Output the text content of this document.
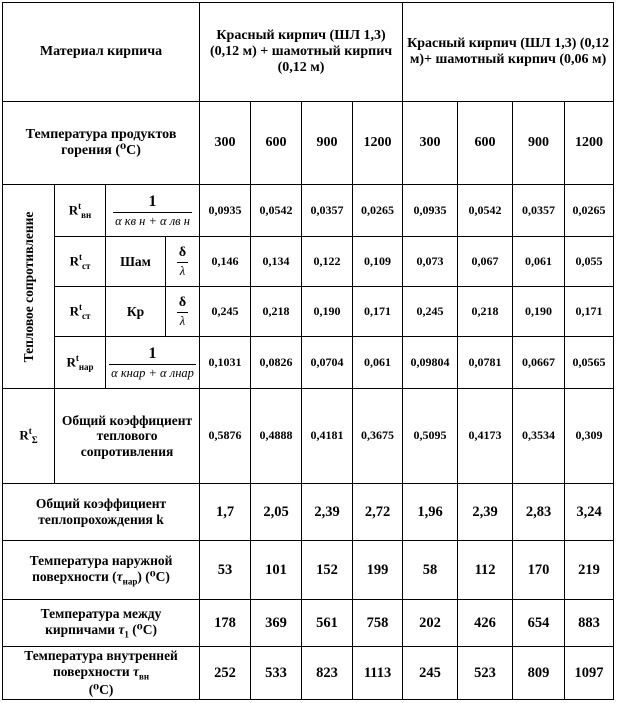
Материал кирпича				Красный кирпич (ШЛ 1,3) (0,12 м) + шамотный кирпич (0,12 м)				Красный кирпич (ШЛ 1,3) (0,12 м)+ шамотный кирпич (0,06 м)			
Температура продуктов горения (⁰С)				300	600	900	1200	300	600	900	1200

Тепловое сопротивление	$R^t_{вн}$	$\frac{1}{\text{α кв н + α лв н}}$		0,0935	0,0542	0,0357	0,0265	0,0935	0,0542	0,0357	0,0265
	$R^t_{ст}$	Шам	$\frac{\delta}{\lambda}$	0,146	0,134	0,122	0,109	0,073	0,067	0,061	0,055
	$R^t_{ст}$	Кр	$\frac{\delta}{\lambda}$	0,245	0,218	0,190	0,171	0,245	0,218	0,190	0,171
	$R^t_{нар}$	$\frac{1}{\text{α кнар + α лнар}}$		0,1031	0,0826	0,0704	0,061	0,09804	0,0781	0,0667	0,0565
$R^t_\Sigma$	Общий коэффициент теплового сопротивления			0,5876	0,4888	0,4181	0,3675	0,5095	0,4173	0,3534	0,309
Общий коэффициент теплопрохождения k				1,7	2,05	2,39	2,72	1,96	2,39	2,83	3,24
Температура наружной
поверхности $(\tau_{нар})$ (⁰С)				53	101	152	199	58	112	170	219
Температура между
кирпичами $\tau_1$ (⁰С)				178	369	561	758	202	426	654	883
Температура внутренней
поверхности $\tau_{вн}$
(⁰С)				252	533	823	1113	245	523	809	1097
